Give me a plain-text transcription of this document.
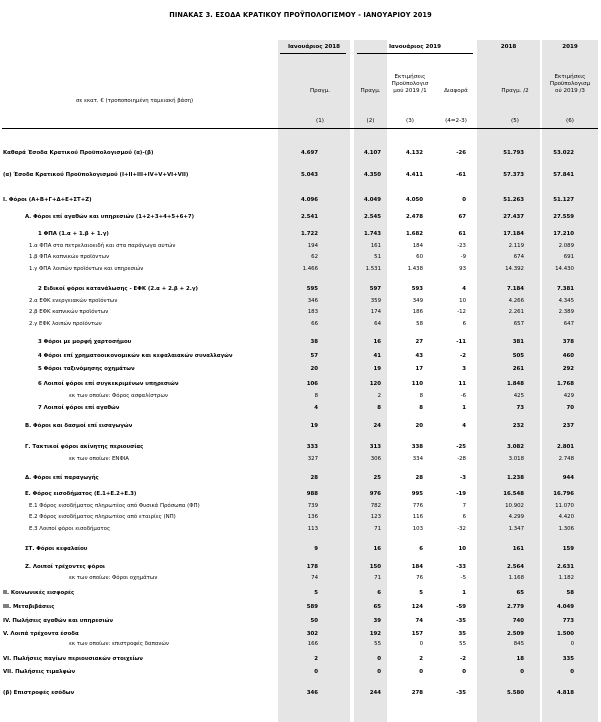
ΠΙΝΑΚΑΣ 3. ΕΣΟΔΑ ΚΡΑΤΙΚΟΥ ΠΡΟΫΠΟΛΟΓΙΣΜΟΥ - ΙΑΝΟΥΑΡΙΟΥ 2019
Ιανουάριος 2018	Ιανουάριος 2019	2018	2019
Εκτιμήσεις
Προϋπολογισ
μού 2019 /1
Εκτιμήσεις
Προϋπολογισμ
ού 2019 /3
σε εκατ. € (τροποποιημένη ταμειακή βάση)
Πραγμ.	Πραγμ.	Διαφορά	Πραγμ. /2
(1)	(2)	(3)	(4=2-3)	(5)	(6)
Καθαρά Έσοδα Κρατικού Προϋπολογισμού (α)-(β)	4.697	4.107	4.132	-26	51.793	53.022
(α) Έσοδα Κρατικού Προϋπολογισμού (I+II+III+IV+V+VI+VII)	5.043	4.350	4.411	-61	57.373	57.841
I. Φόροι (Α+Β+Γ+Δ+Ε+ΣΤ+Ζ)	4.096	4.049	4.050	0	51.263	51.127
Α. Φόροι επί αγαθών και υπηρεσιών (1+2+3+4+5+6+7)	2.541	2.545	2.478	67	27.437	27.559
1 ΦΠΑ (1.α + 1.β + 1.γ)	1.722	1.743	1.682	61	17.184	17.210
1.α ΦΠΑ στα πετρελαιοειδή και στα παράγωγα αυτών	194	161	184	-23	2.119	2.089
1.β ΦΠΑ καπνικών προϊόντων	62	51	60	-9	674	691
1.γ ΦΠΑ λοιπών προϊόντων και υπηρεσιών	1.466	1.531	1.438	93	14.392	14.430
2 Ειδικοί φόροι κατανάλωσης - ΕΦΚ (2.α + 2.β + 2.γ)	595	597	593	4	7.184	7.381
2.α ΕΦΚ ενεργειακών προϊόντων	346	359	349	10	4.266	4.345
2.β ΕΦΚ καπνικών προϊόντων	183	174	186	-12	2.261	2.389
2.γ ΕΦΚ λοιπών προϊόντων	66	64	58	6	657	647
3 Φόροι με μορφή χαρτοσήμου	38	16	27	-11	381	378
4 Φόροι επί χρηματοοικονομικών και κεφαλαιακών συναλλαγών	57	41	43	-2	505	460
5 Φόροι ταξινόμησης οχημάτων	20	19	17	3	261	292
6 Λοιποί φόροι επί συγκεκριμένων υπηρεσιών	106	120	110	11	1.848	1.768
εκ των οποίων: Φόρος ασφαλίστρων	8	2	8	-6	425	429
7 Λοιποί φόροι επί αγαθών	4	8	8	1	73	70
Β. Φόροι και δασμοί επί εισαγωγών	19	24	20	4	232	237
Γ. Τακτικοί φόροι ακίνητης περιουσίας	333	313	338	-25	3.082	2.801
εκ των οποίων: ΕΝΦΙΑ	327	306	334	-28	3.018	2.748
Δ. Φόροι επί παραγωγής	28	25	28	-3	1.238	944
Ε. Φόρος εισοδήματος (Ε.1+Ε.2+Ε.3)	988	976	995	-19	16.548	16.796
Ε.1 Φόρος εισοδήματος πληρωτέος από Φυσικά Πρόσωπα (ΦΠ)	739	782	776	7	10.902	11.070
Ε.2 Φόρος εισοδήματος πληρωτέος από εταιρίες (ΝΠ)	136	123	116	6	4.299	4.420
Ε.3 Λοιποί φόροι εισοδήματος	113	71	103	-32	1.347	1.306
ΣΤ. Φόροι κεφαλαίου	9	16	6	10	161	159
Ζ. Λοιποί τρέχοντες φόροι	178	150	184	-33	2.564	2.631
εκ των οποίων: Φόροι οχημάτων	74	71	76	-5	1.168	1.182
II. Κοινωνικές εισφορές	5	6	5	1	65	58
III. Μεταβιβάσεις	589	65	124	-59	2.779	4.049
IV. Πωλήσεις αγαθών και υπηρεσιών	50	39	74	-35	740	773
V. Λοιπά τρέχοντα έσοδα	302	192	157	35	2.509	1.500
εκ των οποίων: επιστροφές δαπανών	166	55	0	55	845	0
VI. Πωλήσεις παγίων περιουσιακών στοιχείων	2	0	2	-2	18	335
VII. Πωλήσεις τιμαλφών	0	0	0	0	0	0
(β) Επιστροφές εσόδων	346	244	278	-35	5.580	4.818
